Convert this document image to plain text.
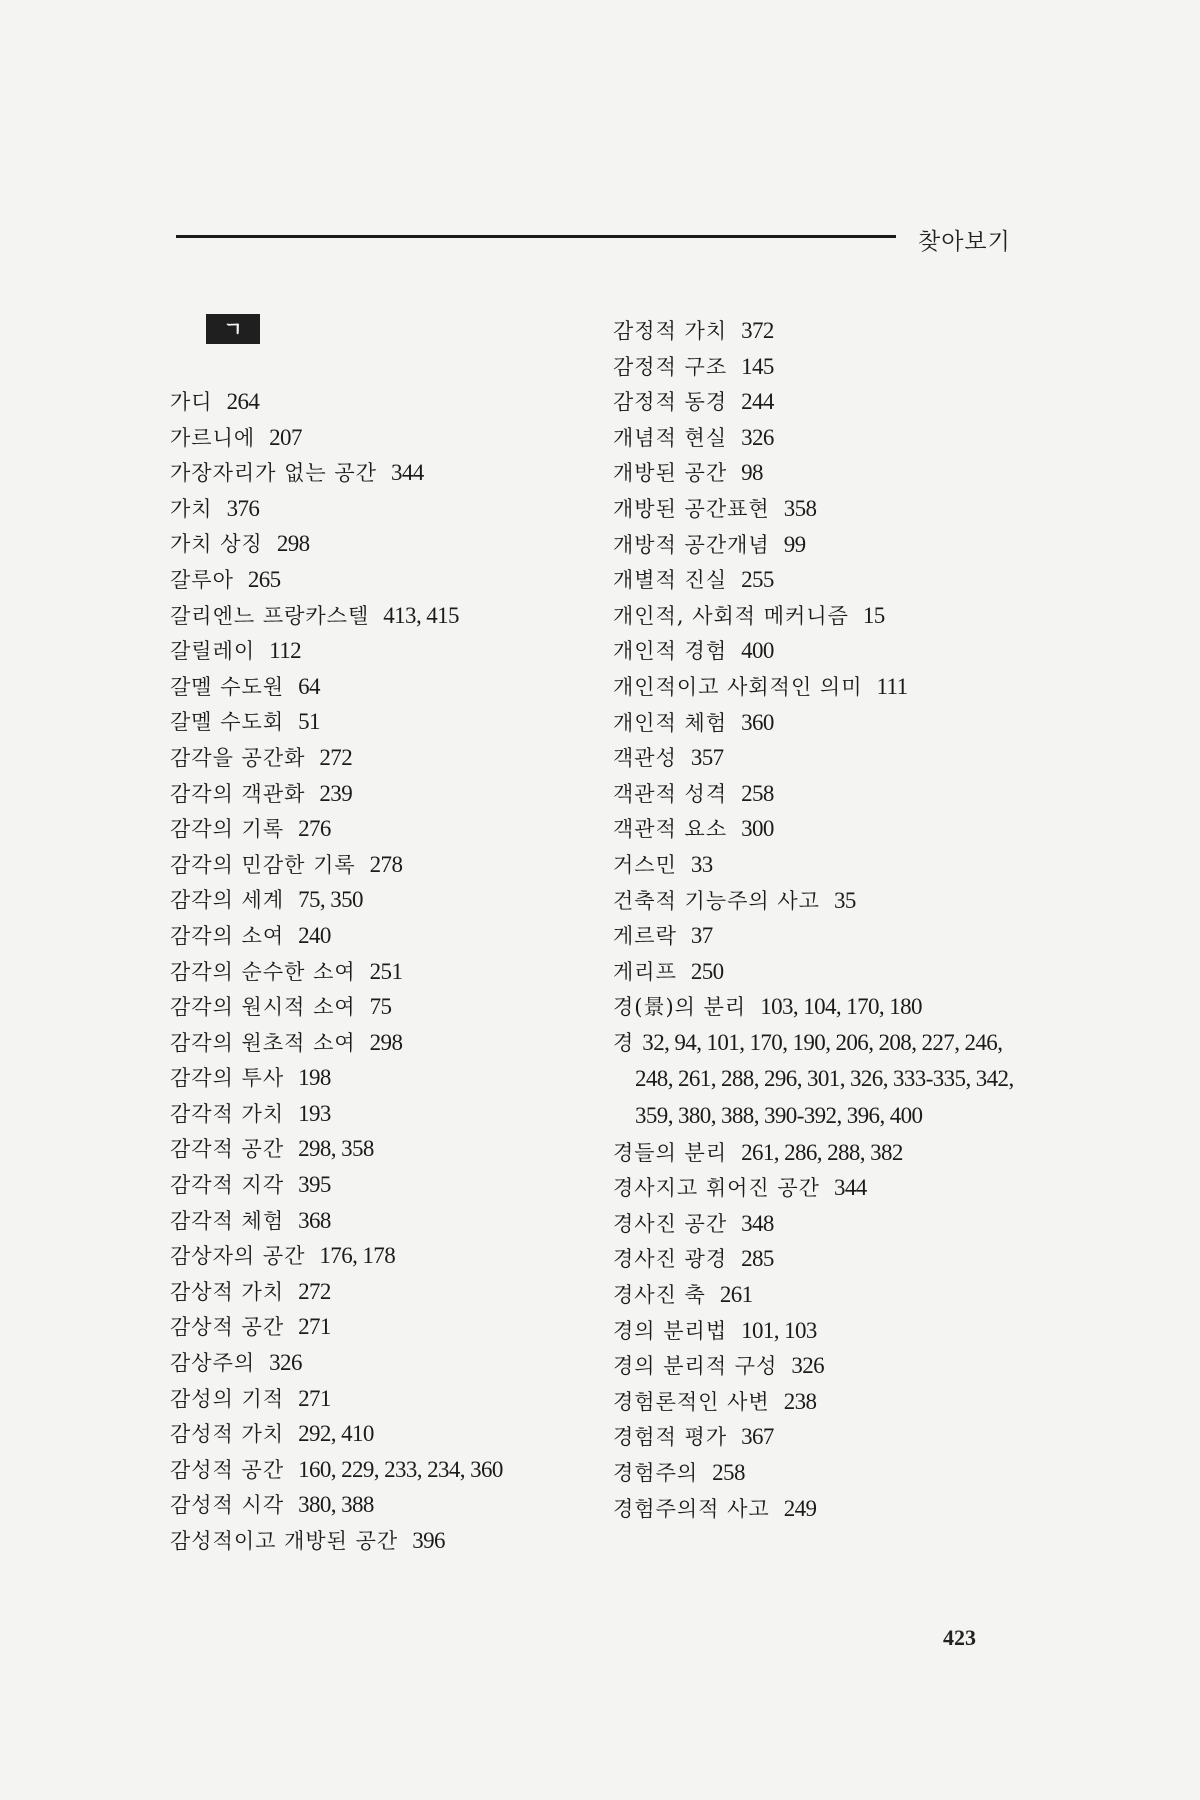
찾아보기
ㄱ
가디 264
가르니에 207
가장자리가 없는 공간 344
가치 376
가치 상징 298
갈루아 265
갈리엔느 프랑카스텔 413, 415
갈릴레이 112
갈멜 수도원 64
갈멜 수도회 51
감각을 공간화 272
감각의 객관화 239
감각의 기록 276
감각의 민감한 기록 278
감각의 세계 75, 350
감각의 소여 240
감각의 순수한 소여 251
감각의 원시적 소여 75
감각의 원초적 소여 298
감각의 투사 198
감각적 가치 193
감각적 공간 298, 358
감각적 지각 395
감각적 체험 368
감상자의 공간 176, 178
감상적 가치 272
감상적 공간 271
감상주의 326
감성의 기적 271
감성적 가치 292, 410
감성적 공간 160, 229, 233, 234, 360
감성적 시각 380, 388
감성적이고 개방된 공간 396
감정적 가치 372
감정적 구조 145
감정적 동경 244
개념적 현실 326
개방된 공간 98
개방된 공간표현 358
개방적 공간개념 99
개별적 진실 255
개인적, 사회적 메커니즘 15
개인적 경험 400
개인적이고 사회적인 의미 111
개인적 체험 360
객관성 357
객관적 성격 258
객관적 요소 300
거스민 33
건축적 기능주의 사고 35
게르락 37
게리프 250
경(景)의 분리 103, 104, 170, 180
경 32, 94, 101, 170, 190, 206, 208, 227, 246, 248, 261, 288, 296, 301, 326, 333-335, 342, 359, 380, 388, 390-392, 396, 400
경들의 분리 261, 286, 288, 382
경사지고 휘어진 공간 344
경사진 공간 348
경사진 광경 285
경사진 축 261
경의 분리법 101, 103
경의 분리적 구성 326
경험론적인 사변 238
경험적 평가 367
경험주의 258
경험주의적 사고 249
423
